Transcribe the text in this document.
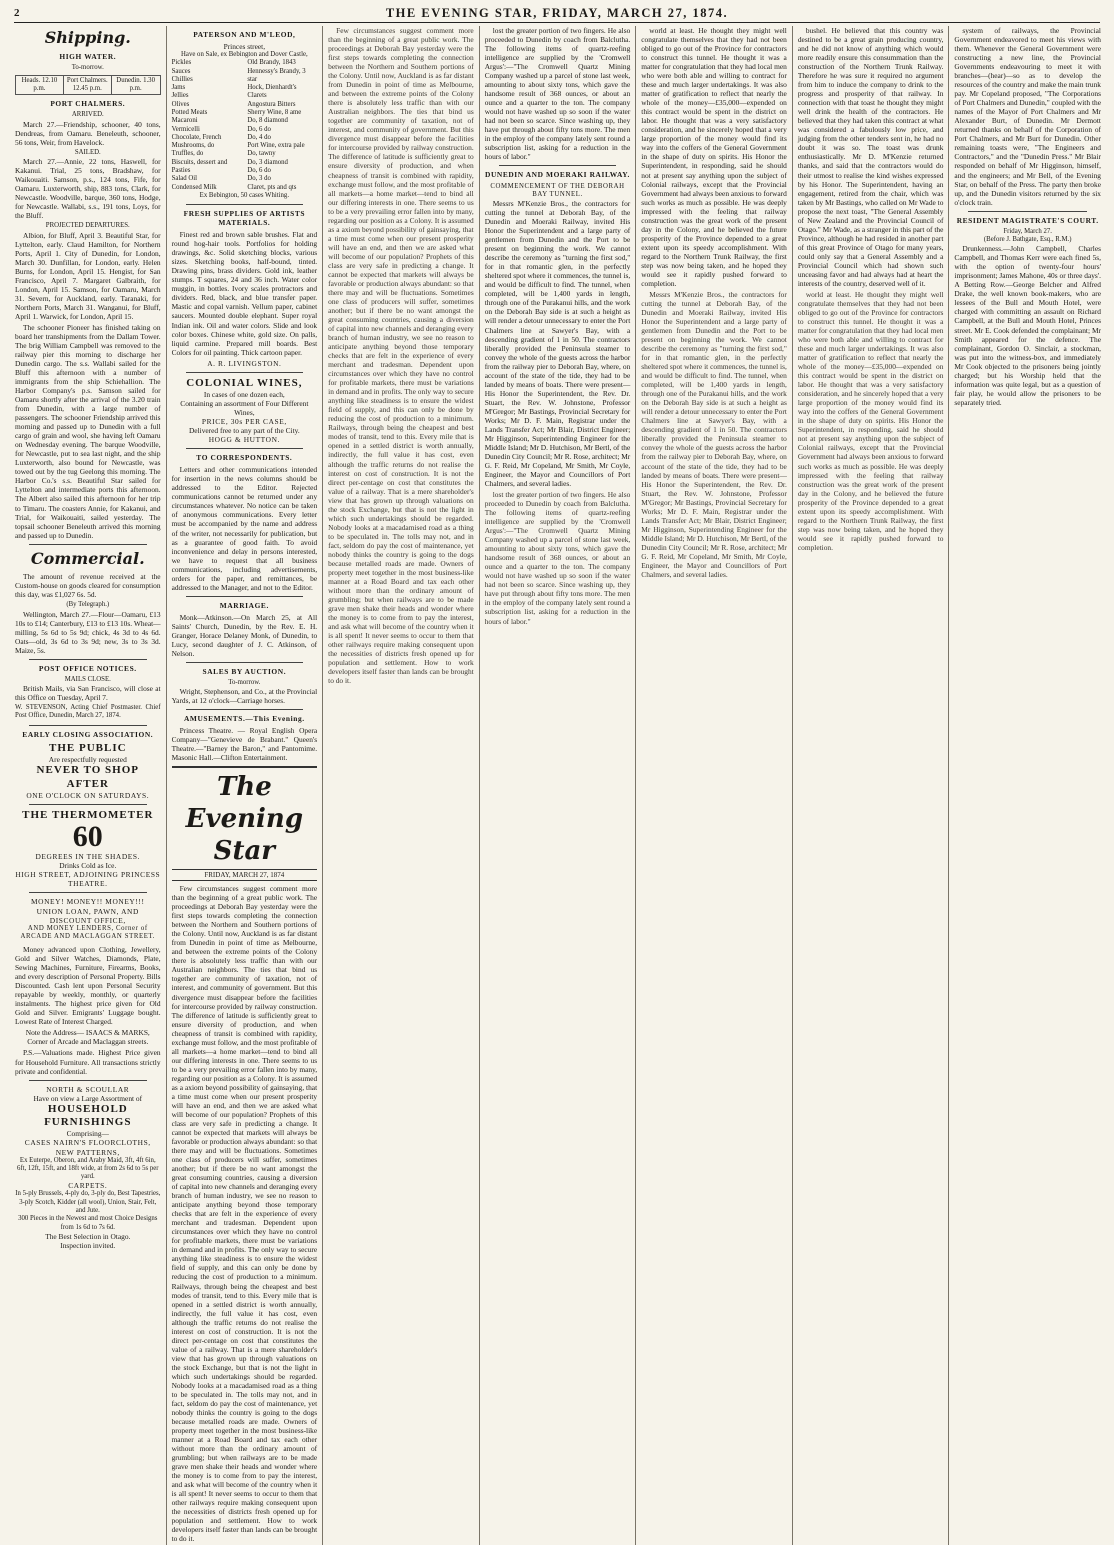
2	THE EVENING STAR, FRIDAY, MARCH 27, 1874.
Shipping.
HIGH WATER.
To-morrow.
Heads. 12.10 p.m.
Port Chalmers. 12.45 p.m.
Dunedin. 1.30 p.m.
PORT CHALMERS.
ARRIVED.

March 27.—Friendship, schooner, 40 tons, Dendreas, from Oamaru. Beneleuth, schooner, 56 tons, Weir, from Havelock.

SAILED.

March 27.—Annie, 22 tons, Haswell, for Kakanui. Trial, 25 tons, Bradshaw, for Waikouaiti. Samson, p.s., 124 tons, Fife, for Oamaru. Luxterworth, ship, 883 tons, Clark, for Newcastle. Woodville, barque, 360 tons, Hodge, for Newcastle. Wallabi, s.s., 191 tons, Loys, for the Bluff.

PROJECTED DEPARTURES.

Albion, for Bluff, April 3. Beautiful Star, for Lyttelton, early. Claud Hamilton, for Northern Ports, April 1. City of Dunedin, for London, March 30. Dunfillan, for London, early. Helen Burns, for London, April 15. Hengist, for San Francisco, April 7. Margaret Galbraith, for London, April 15. Samson, for Oamaru, March 31. Severn, for Auckland, early. Taranaki, for Northern Ports, March 31. Wanganui, for Bluff, April 1. Warwick, for London, April 15.

The schooner Pioneer has finished taking on board her transhipments from the Dallam Tower. The brig William Campbell was removed to the railway pier this morning to discharge her Dunedin cargo. The s.s. Wallabi sailed for the Bluff this afternoon with a number of immigrants from the ship Schiehallion. The Harbor Company's p.s. Samson sailed for Oamaru shortly after the arrival of the 3.20 train from Dunedin, with a large number of passengers. The schooner Friendship arrived this morning and passed up to Dunedin with a full cargo of grain and wool, she having left Oamaru on Wednesday evening. The barque Woodville, for Newcastle, put to sea last night, and the ship Luxterworth, also bound for Newcastle, was towed out by the tug Geelong this morning. The Harbor Co.'s s.s. Beautiful Star sailed for Lyttelton and intermediate ports this afternoon. The Albert also sailed this afternoon for her trip to Timaru. The coasters Annie, for Kakanui, and Trial, for Waikouaiti, sailed yesterday. The topsail schooner Beneleuth arrived this morning and passed up to Dunedin.

Commercial.

The amount of revenue received at the Custom-house on goods cleared for consumption this day, was £1,027 6s. 5d.

(By Telegraph.)

Wellington, March 27.—Flour—Oamaru, £13 10s to £14; Canterbury, £13 to £13 10s. Wheat—milling, 5s 6d to 5s 9d; chick, 4s 3d to 4s 6d. Oats—old, 3s 6d to 3s 9d; new, 3s to 3s 3d. Maize, 5s.

POST OFFICE NOTICES.
MAILS CLOSE.

British Mails, via San Francisco, will close at this Office on Tuesday, April 7.

W. STEVENSON, Acting Chief Postmaster. Chief Post Office, Dunedin, March 27, 1874.

EARLY CLOSING ASSOCIATION.
THE PUBLIC
Are respectfully requested
NEVER TO SHOP AFTER
ONE O'CLOCK ON SATURDAYS.
THE THERMOMETER
60
DEGREES IN THE SHADES.
Drinks Cold as Ice.
HIGH STREET, ADJOINING PRINCESS THEATRE.
MONEY! MONEY!! MONEY!!!
UNION LOAN, PAWN, AND DISCOUNT OFFICE,
AND MONEY LENDERS, Corner of ARCADE AND MACLAGGAN STREET.

Money advanced upon Clothing, Jewellery, Gold and Silver Watches, Diamonds, Plate, Sewing Machines, Furniture, Firearms, Books, and every description of Personal Property. Bills Discounted. Cash lent upon Personal Security repayable by weekly, monthly, or quarterly instalments. The highest price given for Old Gold and Silver. Emigrants' Luggage bought. Lowest Rate of Interest Charged.

Note the Address— ISAACS & MARKS, Corner of Arcade and Maclaggan streets.

P.S.—Valuations made. Highest Price given for Household Furniture. All transactions strictly private and confidential.

NORTH & SCOULLAR
Have on view a Large Assortment of
HOUSEHOLD FURNISHINGS
Comprising—
CASES NAIRN'S FLOORCLOTHS, NEW PATTERNS,
Ex Euterpe, Oberon, and Araby Maid, 3ft, 4ft 6in, 6ft, 12ft, 15ft, and 18ft wide, at from 2s 6d to 5s per yard.
CARPETS.
In 5-ply Brussels, 4-ply do, 3-ply do, Best Tapestries, 3-ply Scotch, Kidder (all wool), Union, Stair, Felt, and Jute.
300 Pieces in the Newest and most Choice Designs from 1s 6d to 7s 6d.
The Best Selection in Otago.
Inspection invited.
PATERSON AND M'LEOD,
Princes street,
Have on Sale, ex Bebington and Dover Castle,
Pickles
Sauces
Chillies
Jams
Jellies
Olives
Potted Meats
Macaroni
Vermicelli
Chocolate, French
Mushrooms, do
Truffles, do
Biscuits, dessert and Pasties
Salad Oil
Condensed Milk
Old Brandy, 1843
Hennessy's Brandy, 3 star
Hock, Dienhardt's
Clarets
Angostura Bitters
Sherry Wine, 8 ame
Do, 8 diamond
Do, 6 do
Do, 4 do
Port Wine, extra pale
Do, tawny
Do, 3 diamond
Do, 6 do
Do, 3 do
Claret, pts and qts
Ex Bebington, 50 cases Whiting.
FRESH SUPPLIES OF ARTISTS MATERIALS.

Finest red and brown sable brushes. Flat and round hog-hair tools. Portfolios for holding drawings, &c. Solid sketching blocks, various sizes. Sketching books, half-bound, tinted. Drawing pins, brass dividers. Gold ink, leather stumps. T squares, 24 and 36 inch. Water color muggin, in bottles. Ivory scales protractors and dividers. Red, black, and blue transfer paper. Mastic and copal varnish. Vellum paper, cabinet saucers. Mounted double elephant. Super royal Indian ink. Oil and water colors. Slide and look color boxes. Chinese white, gold size. On palls, liquid carmine. Prepared mill boards. Best Colors for oil painting. Thick cartoon paper.

A. R. LIVINGSTON.
COLONIAL WINES,
In cases of one dozen each,
Containing an assortment of Four Different
Wines,
PRICE, 30s PER CASE,
Delivered free to any part of the City.
HOGG & HUTTON.
TO CORRESPONDENTS.

Letters and other communications intended for insertion in the news columns should be addressed to the Editor. Rejected communications cannot be returned under any circumstances whatever. No notice can be taken of anonymous communications. Every letter must be accompanied by the name and address of the writer, not necessarily for publication, but as a guarantee of good faith. To avoid inconvenience and delay in persons interested, we have to request that all business communications, including advertisements, orders for the paper, and remittances, be addressed to the Manager, and not to the Editor.

MARRIAGE.

Monk—Atkinson.—On March 25, at All Saints' Church, Dunedin, by the Rev. E. H. Granger, Horace Delaney Monk, of Dunedin, to Lucy, second daughter of J. C. Atkinson, of Nelson.

SALES BY AUCTION.
To-morrow.

Wright, Stephenson, and Co., at the Provincial Yards, at 12 o'clock—Carriage horses.

AMUSEMENTS.—This Evening.

Princess Theatre. — Royal English Opera Company—"Genevieve de Brabant." Queen's Theatre.—"Barney the Baron," and Pantomime. Masonic Hall.—Clifton Entertainment.

The Evening Star
FRIDAY, MARCH 27, 1874

Few circumstances suggest comment more than the beginning of a great public work. The proceedings at Deborah Bay yesterday were the first steps towards completing the connection between the Northern and Southern portions of the Colony. Until now, Auckland is as far distant from Dunedin in point of time as Melbourne, and between the extreme points of the Colony there is absolutely less traffic than with our Australian neighbors. The ties that bind us together are community of taxation, not of interest, and community of government. But this divergence must disappear before the facilities for intercourse provided by railway construction. The difference of latitude is sufficiently great to ensure diversity of production, and when cheapness of transit is combined with rapidity, exchange must follow, and the most profitable of all markets—a home market—tend to bind all our differing interests in one. There seems to us to be a very prevailing error fallen into by many, regarding our position as a Colony. It is assumed as a axiom beyond possibility of gainsaying, that a time must come when our present prosperity will have an end, and then we are asked what will become of our population? Prophets of this class are very safe in predicting a change. It cannot be expected that markets will always be favorable or production always abundant: so that there may and will be fluctuations. Sometimes one class of producers will suffer, sometimes another; but if there be no want amongst the great consuming countries, causing a diversion of capital into new channels and deranging every branch of human industry, we see no reason to anticipate anything beyond those temporary checks that are felt in the experience of every merchant and tradesman. Dependent upon circumstances over which they have no control for profitable markets, there must be variations in demand and in profits. The only way to secure anything like steadiness is to ensure the widest field of supply, and this can only be done by reducing the cost of production to a minimum. Railways, through being the cheapest and best modes of transit, tend to this. Every mile that is opened in a settled district is worth annually, indirectly, the full value it has cost, even although the traffic returns do not realise the interest on cost of construction. It is not the direct per-centage on cost that constitutes the value of a railway. That is a mere shareholder's view that has grown up through valuations on the stock Exchange, but that is not the light in which such undertakings should be regarded. Nobody looks at a macadamised road as a thing to be speculated in. The tolls may not, and in fact, seldom do pay the cost of maintenance, yet nobody thinks the country is going to the dogs because metalled roads are made. Owners of property meet together in the most business-like manner at a Road Board and tax each other without more than the ordinary amount of grumbling; but when railways are to be made grave men shake their heads and wonder where the money is to come from to pay the interest, and ask what will become of the country when it is all spent! It never seems to occur to them that other railways require making consequent upon the necessities of districts fresh opened up for population and settlement. How to work developers itself faster than lands can be brought to do it.

Few circumstances suggest comment more than the beginning of a great public work. The proceedings at Deborah Bay yesterday were the first steps towards completing the connection between the Northern and Southern portions of the Colony. Until now, Auckland is as far distant from Dunedin in point of time as Melbourne, and between the extreme points of the Colony there is absolutely less traffic than with our Australian neighbors. The ties that bind us together are community of taxation, not of interest, and community of government. But this divergence must disappear before the facilities for intercourse provided by railway construction. The difference of latitude is sufficiently great to ensure diversity of production, and when cheapness of transit is combined with rapidity, exchange must follow, and the most profitable of all markets—a home market—tend to bind all our differing interests in one. There seems to us to be a very prevailing error fallen into by many, regarding our position as a Colony. It is assumed as a axiom beyond possibility of gainsaying, that a time must come when our present prosperity will have an end, and then we are asked what will become of our population? Prophets of this class are very safe in predicting a change. It cannot be expected that markets will always be favorable or production always abundant: so that there may and will be fluctuations. Sometimes one class of producers will suffer, sometimes another; but if there be no want amongst the great consuming countries, causing a diversion of capital into new channels and deranging every branch of human industry, we see no reason to anticipate anything beyond those temporary checks that are felt in the experience of every merchant and tradesman. Dependent upon circumstances over which they have no control for profitable markets, there must be variations in demand and in profits. The only way to secure anything like steadiness is to ensure the widest field of supply, and this can only be done by reducing the cost of production to a minimum. Railways, through being the cheapest and best modes of transit, tend to this. Every mile that is opened in a settled district is worth annually, indirectly, the full value it has cost, even although the traffic returns do not realise the interest on cost of construction. It is not the direct per-centage on cost that constitutes the value of a railway. That is a mere shareholder's view that has grown up through valuations on the stock Exchange, but that is not the light in which such undertakings should be regarded. Nobody looks at a macadamised road as a thing to be speculated in. The tolls may not, and in fact, seldom do pay the cost of maintenance, yet nobody thinks the country is going to the dogs because metalled roads are made. Owners of property meet together in the most business-like manner at a Road Board and tax each other without more than the ordinary amount of grumbling; but when railways are to be made grave men shake their heads and wonder where the money is to come from to pay the interest, and ask what will become of the country when it is all spent! It never seems to occur to them that other railways require making consequent upon the necessities of districts fresh opened up for population and settlement. How to work developers itself faster than lands can be brought to do it.

lost the greater portion of two fingers. He also proceeded to Dunedin by coach from Balclutha. The following items of quartz-reefing intelligence are supplied by the 'Cromwell Argus':—"The Cromwell Quartz Mining Company washed up a parcel of stone last week, amounting to about sixty tons, which gave the handsome result of 368 ounces, or about an ounce and a quarter to the ton. The company would not have washed up so soon if the water had not been so scarce. Since washing up, they have put through about fifty tons more. The men in the employ of the company lately sent round a subscription list, asking for a reduction in the hours of labor."

DUNEDIN AND MOERAKI RAILWAY.
COMMENCEMENT OF THE DEBORAH BAY TUNNEL.

Messrs M'Kenzie Bros., the contractors for cutting the tunnel at Deborah Bay, of the Dunedin and Moeraki Railway, invited His Honor the Superintendent and a large party of gentlemen from Dunedin and the Port to be present on beginning the work. We cannot describe the ceremony as "turning the first sod," for in that romantic glen, in the perfectly sheltered spot where it commences, the tunnel is, and would be difficult to find. The tunnel, when completed, will be 1,400 yards in length, through one of the Purakanui hills, and the work on the Deborah Bay side is at such a height as will render a detour unnecessary to enter the Port Chalmers line at Sawyer's Bay, with a descending gradient of 1 in 50. The contractors liberally provided the Peninsula steamer to convey the whole of the guests across the harbor from the railway pier to Deborah Bay, where, on account of the state of the tide, they had to be landed by means of boats. There were present—His Honor the Superintendent, the Rev. Dr. Stuart, the Rev. W. Johnstone, Professor M'Gregor; Mr Bastings, Provincial Secretary for Works; Mr D. F. Main, Registrar under the Lands Transfer Act; Mr Blair, District Engineer; Mr Higginson, Superintending Engineer for the Middle Island; Mr D. Hutchison, Mr Bertl, of the Dunedin City Council; Mr R. Rose, architect; Mr G. F. Reid, Mr Copeland, Mr Smith, Mr Coyle, Engineer, the Mayor and Councillors of Port Chalmers, and several ladies.

lost the greater portion of two fingers. He also proceeded to Dunedin by coach from Balclutha. The following items of quartz-reefing intelligence are supplied by the 'Cromwell Argus':—"The Cromwell Quartz Mining Company washed up a parcel of stone last week, amounting to about sixty tons, which gave the handsome result of 368 ounces, or about an ounce and a quarter to the ton. The company would not have washed up so soon if the water had not been so scarce. Since washing up, they have put through about fifty tons more. The men in the employ of the company lately sent round a subscription list, asking for a reduction in the hours of labor."

world at least. He thought they might well congratulate themselves that they had not been obliged to go out of the Province for contractors to construct this tunnel. He thought it was a matter for congratulation that they had local men who were both able and willing to contract for these and much larger undertakings. It was also matter of gratification to reflect that nearly the whole of the money—£35,000—expended on this contract would be spent in the district on labor. He thought that was a very satisfactory consideration, and he sincerely hoped that a very large proportion of the money would find its way into the coffers of the General Government in the shape of duty on spirits. His Honor the Superintendent, in responding, said he should not at present say anything upon the subject of Colonial railways, except that the Provincial Government had always been anxious to forward such works as much as possible. He was deeply impressed with the feeling that railway construction was the great work of the present day in the Colony, and he believed the future prosperity of the Province depended to a great extent upon its speedy accomplishment. With regard to the Northern Trunk Railway, the first step was now being taken, and he hoped they would see it rapidly pushed forward to completion.

Messrs M'Kenzie Bros., the contractors for cutting the tunnel at Deborah Bay, of the Dunedin and Moeraki Railway, invited His Honor the Superintendent and a large party of gentlemen from Dunedin and the Port to be present on beginning the work. We cannot describe the ceremony as "turning the first sod," for in that romantic glen, in the perfectly sheltered spot where it commences, the tunnel is, and would be difficult to find. The tunnel, when completed, will be 1,400 yards in length, through one of the Purakanui hills, and the work on the Deborah Bay side is at such a height as will render a detour unnecessary to enter the Port Chalmers line at Sawyer's Bay, with a descending gradient of 1 in 50. The contractors liberally provided the Peninsula steamer to convey the whole of the guests across the harbor from the railway pier to Deborah Bay, where, on account of the state of the tide, they had to be landed by means of boats. There were present—His Honor the Superintendent, the Rev. Dr. Stuart, the Rev. W. Johnstone, Professor M'Gregor; Mr Bastings, Provincial Secretary for Works; Mr D. F. Main, Registrar under the Lands Transfer Act; Mr Blair, District Engineer; Mr Higginson, Superintending Engineer for the Middle Island; Mr D. Hutchison, Mr Bertl, of the Dunedin City Council; Mr R. Rose, architect; Mr G. F. Reid, Mr Copeland, Mr Smith, Mr Coyle, Engineer, the Mayor and Councillors of Port Chalmers, and several ladies.

bushel. He believed that this country was destined to be a great grain producing country, and he did not know of anything which would more readily ensure this consummation than the construction of the Northern Trunk Railway. Therefore he was sure it required no argument from him to induce the company to drink to the progress and prosperity of that railway. In connection with that toast he thought they might well drink the health of the contractors. He believed that they had taken this contract at what was considered a fabulously low price, and judging from the other tenders sent in, he had no doubt it was so. The toast was drunk enthusiastically. Mr D. M'Kenzie returned thanks, and said that the contractors would do their utmost to realise the kind wishes expressed by his Honor. The Superintendent, having an engagement, retired from the chair, which was taken by Mr Bastings, who called on Mr Wade to propose the next toast, "The General Assembly of New Zealand and the Provincial Council of Otago." Mr Wade, as a stranger in this part of the Province, although he had resided in another part of this great Province of Otago for many years, could only say that a General Assembly and a Provincial Council which had shown such unceasing favor and had always had at heart the interests of the country, deserved well of it.

world at least. He thought they might well congratulate themselves that they had not been obliged to go out of the Province for contractors to construct this tunnel. He thought it was a matter for congratulation that they had local men who were both able and willing to contract for these and much larger undertakings. It was also matter of gratification to reflect that nearly the whole of the money—£35,000—expended on this contract would be spent in the district on labor. He thought that was a very satisfactory consideration, and he sincerely hoped that a very large proportion of the money would find its way into the coffers of the General Government in the shape of duty on spirits. His Honor the Superintendent, in responding, said he should not at present say anything upon the subject of Colonial railways, except that the Provincial Government had always been anxious to forward such works as much as possible. He was deeply impressed with the feeling that railway construction was the great work of the present day in the Colony, and he believed the future prosperity of the Province depended to a great extent upon its speedy accomplishment. With regard to the Northern Trunk Railway, the first step was now being taken, and he hoped they would see it rapidly pushed forward to completion.

system of railways, the Provincial Government endeavored to meet his views with them. Whenever the General Government were constructing a new line, the Provincial Governments endeavouring to meet it with branches—(hear)—so as to develop the resources of the country and make the main trunk pay. Mr Copeland proposed, "The Corporations of Port Chalmers and Dunedin," coupled with the names of the Mayor of Port Chalmers and Mr Alexander Burt, of Dunedin. Mr Dermott returned thanks on behalf of the Corporation of Port Chalmers, and Mr Burt for Dunedin. Other remaining toasts were, "The Engineers and Contractors," and the "Dunedin Press." Mr Blair responded on behalf of Mr Higginson, himself, and the engineers; and Mr Bell, of the Evening Star, on behalf of the Press. The party then broke up, and the Dunedin visitors returned by the six o'clock train.

RESIDENT MAGISTRATE'S COURT.
Friday, March 27.
(Before J. Bathgate, Esq., R.M.)

Drunkenness.—John Campbell, Charles Campbell, and Thomas Kerr were each fined 5s, with the option of twenty-four hours' imprisonment; James Mahone, 40s or three days'. A Betting Row.—George Belcher and Alfred Drake, the well known book-makers, who are lessees of the Bull and Mouth Hotel, were charged with committing an assault on Richard Campbell, at the Bull and Mouth Hotel, Princes street. Mr E. Cook defended the complainant; Mr Smith appeared for the defence. The complainant, Gordon O. Sinclair, a stockman, was put into the witness-box, and immediately Mr Cook objected to the prisoners being jointly charged; but his Worship held that the information was quite legal, but as a question of fair play, he would allow the prisoners to be separately tried.
